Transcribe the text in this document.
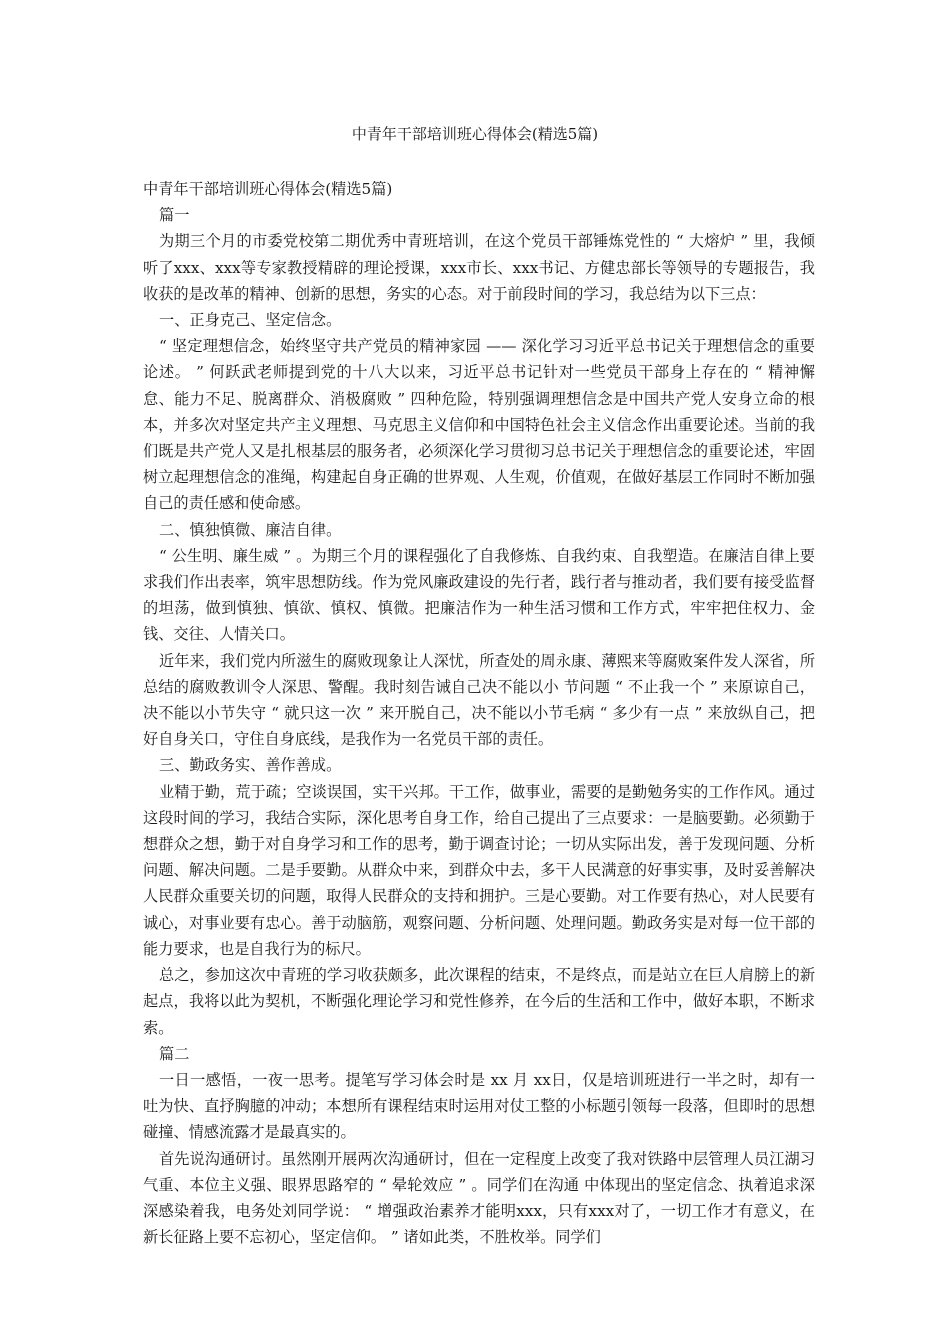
中青年干部培训班心得体会(精选5篇)

中青年干部培训班心得体会(精选5篇)

篇一

为期三个月的市委党校第二期优秀中青班培训，在这个党员干部锤炼党性的 “ 大熔炉 ” 里，我倾听了xxx、xxx等专家教授精辟的理论授课，xxx市长、xxx书记、方健忠部长等领导的专题报告，我收获的是改革的精神、创新的思想，务实的心态。对于前段时间的学习，我总结为以下三点：

一、正身克己、坚定信念。

“ 坚定理想信念，始终坚守共产党员的精神家园 —— 深化学习习近平总书记关于理想信念的重要论述。 ” 何跃武老师提到党的十八大以来，习近平总书记针对一些党员干部身上存在的 “ 精神懈怠、能力不足、脱离群众、消极腐败 ” 四种危险，特别强调理想信念是中国共产党人安身立命的根本，并多次对坚定共产主义理想、马克思主义信仰和中国特色社会主义信念作出重要论述。当前的我们既是共产党人又是扎根基层的服务者，必须深化学习贯彻习总书记关于理想信念的重要论述，牢固树立起理想信念的准绳，构建起自身正确的世界观、人生观，价值观，在做好基层工作同时不断加强自己的责任感和使命感。

二、慎独慎微、廉洁自律。

“ 公生明、廉生威 ” 。为期三个月的课程强化了自我修炼、自我约束、自我塑造。在廉洁自律上要求我们作出表率，筑牢思想防线。作为党风廉政建设的先行者，践行者与推动者，我们要有接受监督的坦荡，做到慎独、慎欲、慎权、慎微。把廉洁作为一种生活习惯和工作方式，牢牢把住权力、金钱、交往、人情关口。

近年来，我们党内所滋生的腐败现象让人深忧，所查处的周永康、薄熙来等腐败案件发人深省，所总结的腐败教训令人深思、警醒。我时刻告诫自己决不能以小 节问题 “ 不止我一个 ” 来原谅自己，决不能以小节失守 “ 就只这一次 ” 来开脱自己，决不能以小节毛病 “ 多少有一点 ” 来放纵自己，把好自身关口，守住自身底线，是我作为一名党员干部的责任。

三、勤政务实、善作善成。

业精于勤，荒于疏；空谈误国，实干兴邦。干工作，做事业，需要的是勤勉务实的工作作风。通过这段时间的学习，我结合实际，深化思考自身工作，给自己提出了三点要求：一是脑要勤。必须勤于想群众之想，勤于对自身学习和工作的思考，勤于调查讨论；一切从实际出发，善于发现问题、分析问题、解决问题。二是手要勤。从群众中来，到群众中去，多干人民满意的好事实事，及时妥善解决人民群众重要关切的问题，取得人民群众的支持和拥护。三是心要勤。对工作要有热心，对人民要有诚心，对事业要有忠心。善于动脑筋，观察问题、分析问题、处理问题。勤政务实是对每一位干部的能力要求，也是自我行为的标尺。

总之，参加这次中青班的学习收获颇多，此次课程的结束，不是终点，而是站立在巨人肩膀上的新起点，我将以此为契机，不断强化理论学习和党性修养，在今后的生活和工作中，做好本职，不断求索。

篇二

一日一感悟，一夜一思考。提笔写学习体会时是 xx 月 xx日，仅是培训班进行一半之时，却有一吐为快、直抒胸臆的冲动；本想所有课程结束时运用对仗工整的小标题引领每一段落，但即时的思想碰撞、情感流露才是最真实的。

首先说沟通研讨。虽然刚开展两次沟通研讨，但在一定程度上改变了我对铁路中层管理人员江湖习气重、本位主义强、眼界思路窄的 “ 晕轮效应 ” 。同学们在沟通 中体现出的坚定信念、执着追求深深感染着我，电务处刘同学说： “ 增强政治素养才能明xxx，只有xxx对了，一切工作才有意义，在新长征路上要不忘初心，坚定信仰。 ” 诸如此类，不胜枚举。同学们
